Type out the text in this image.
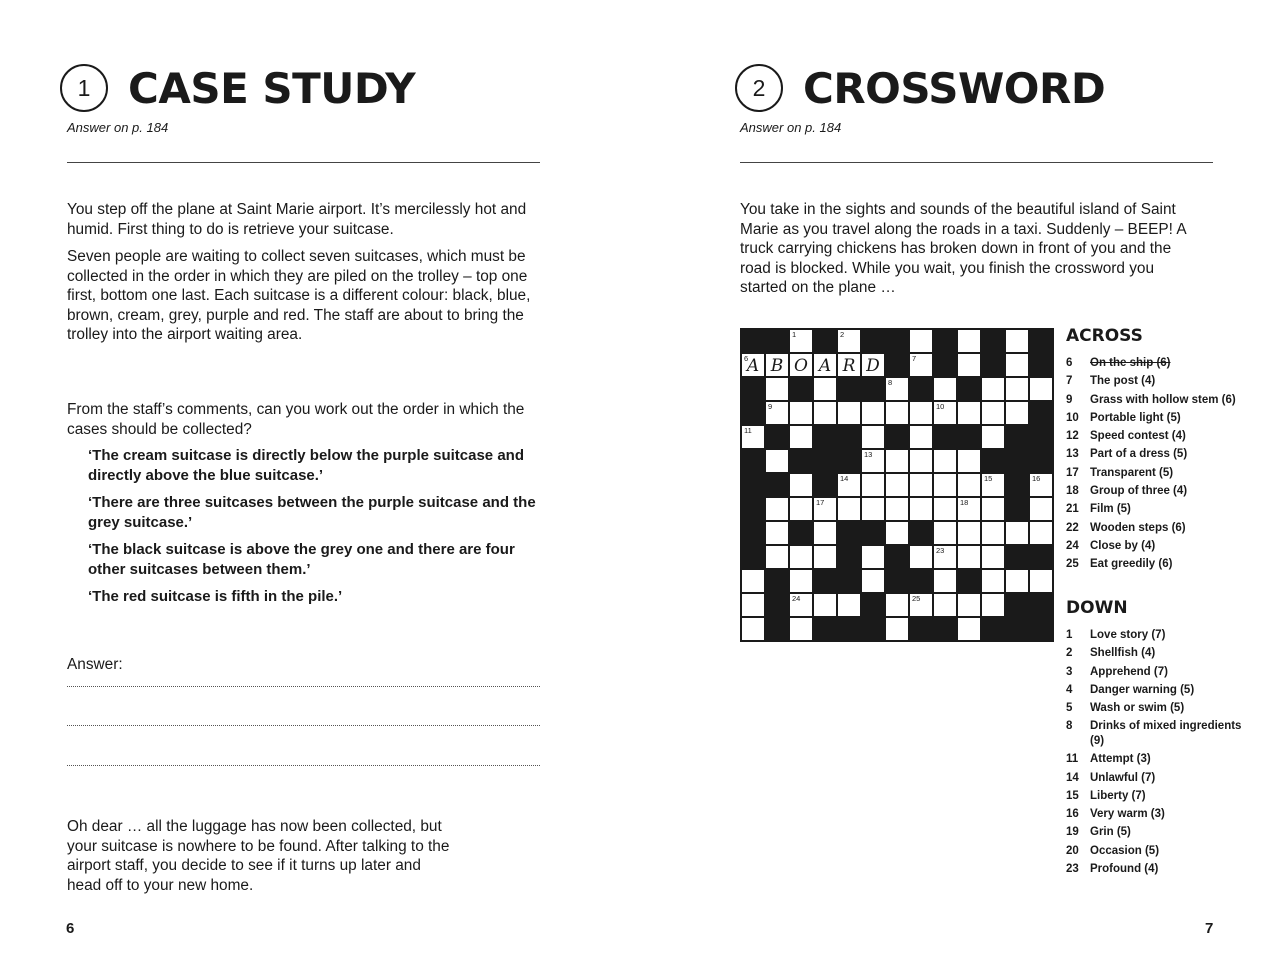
1 CASE STUDY
Answer on p. 184

You step off the plane at Saint Marie airport. It’s mercilessly hot and humid. First thing to do is retrieve your suitcase.

Seven people are waiting to collect seven suitcases, which must be collected in the order in which they are piled on the trolley – top one first, bottom one last. Each suitcase is a different colour: black, blue, brown, cream, grey, purple and red. The staff are about to bring the trolley into the airport waiting area.

From the staff’s comments, can you work out the order in which the cases should be collected?

‘The cream suitcase is directly below the purple suitcase and directly above the blue suitcase.’

‘There are three suitcases between the purple suitcase and the grey suitcase.’

‘The black suitcase is above the grey one and there are four other suitcases between them.’

‘The red suitcase is fifth in the pile.’

Answer:

Oh dear … all the luggage has now been collected, but your suitcase is nowhere to be found. After talking to the airport staff, you decide to see if it turns up later and head off to your new home.

6
2 CROSSWORD
Answer on p. 184

You take in the sights and sounds of the beautiful island of Saint Marie as you travel along the roads in a taxi. Suddenly – BEEP! A truck carrying chickens has broken down in front of you and the road is blocked. While you wait, you finish the crossword you started on the plane …

1	2
6
A B O A R D	7
8
9	10
11
13
14	15	16
17	18
23
24	25
ACROSS
6	On the ship (6)
7	The post (4)
9	Grass with hollow stem (6)
10 Portable light (5)
12 Speed contest (4)
13 Part of a dress (5)
17 Transparent (5)
18 Group of three (4)
21 Film (5)
22 Wooden steps (6)
24 Close by (4)
25 Eat greedily (6)
DOWN
1	Love story (7)
2	Shellfish (4)
3	Apprehend (7)
4	Danger warning (5)
5	Wash or swim (5)
8	Drinks of mixed ingredients (9)
11	Attempt (3)
14 Unlawful (7)
15 Liberty (7)
16 Very warm (3)
19 Grin (5)
20 Occasion (5)
23 Profound (4)
7
